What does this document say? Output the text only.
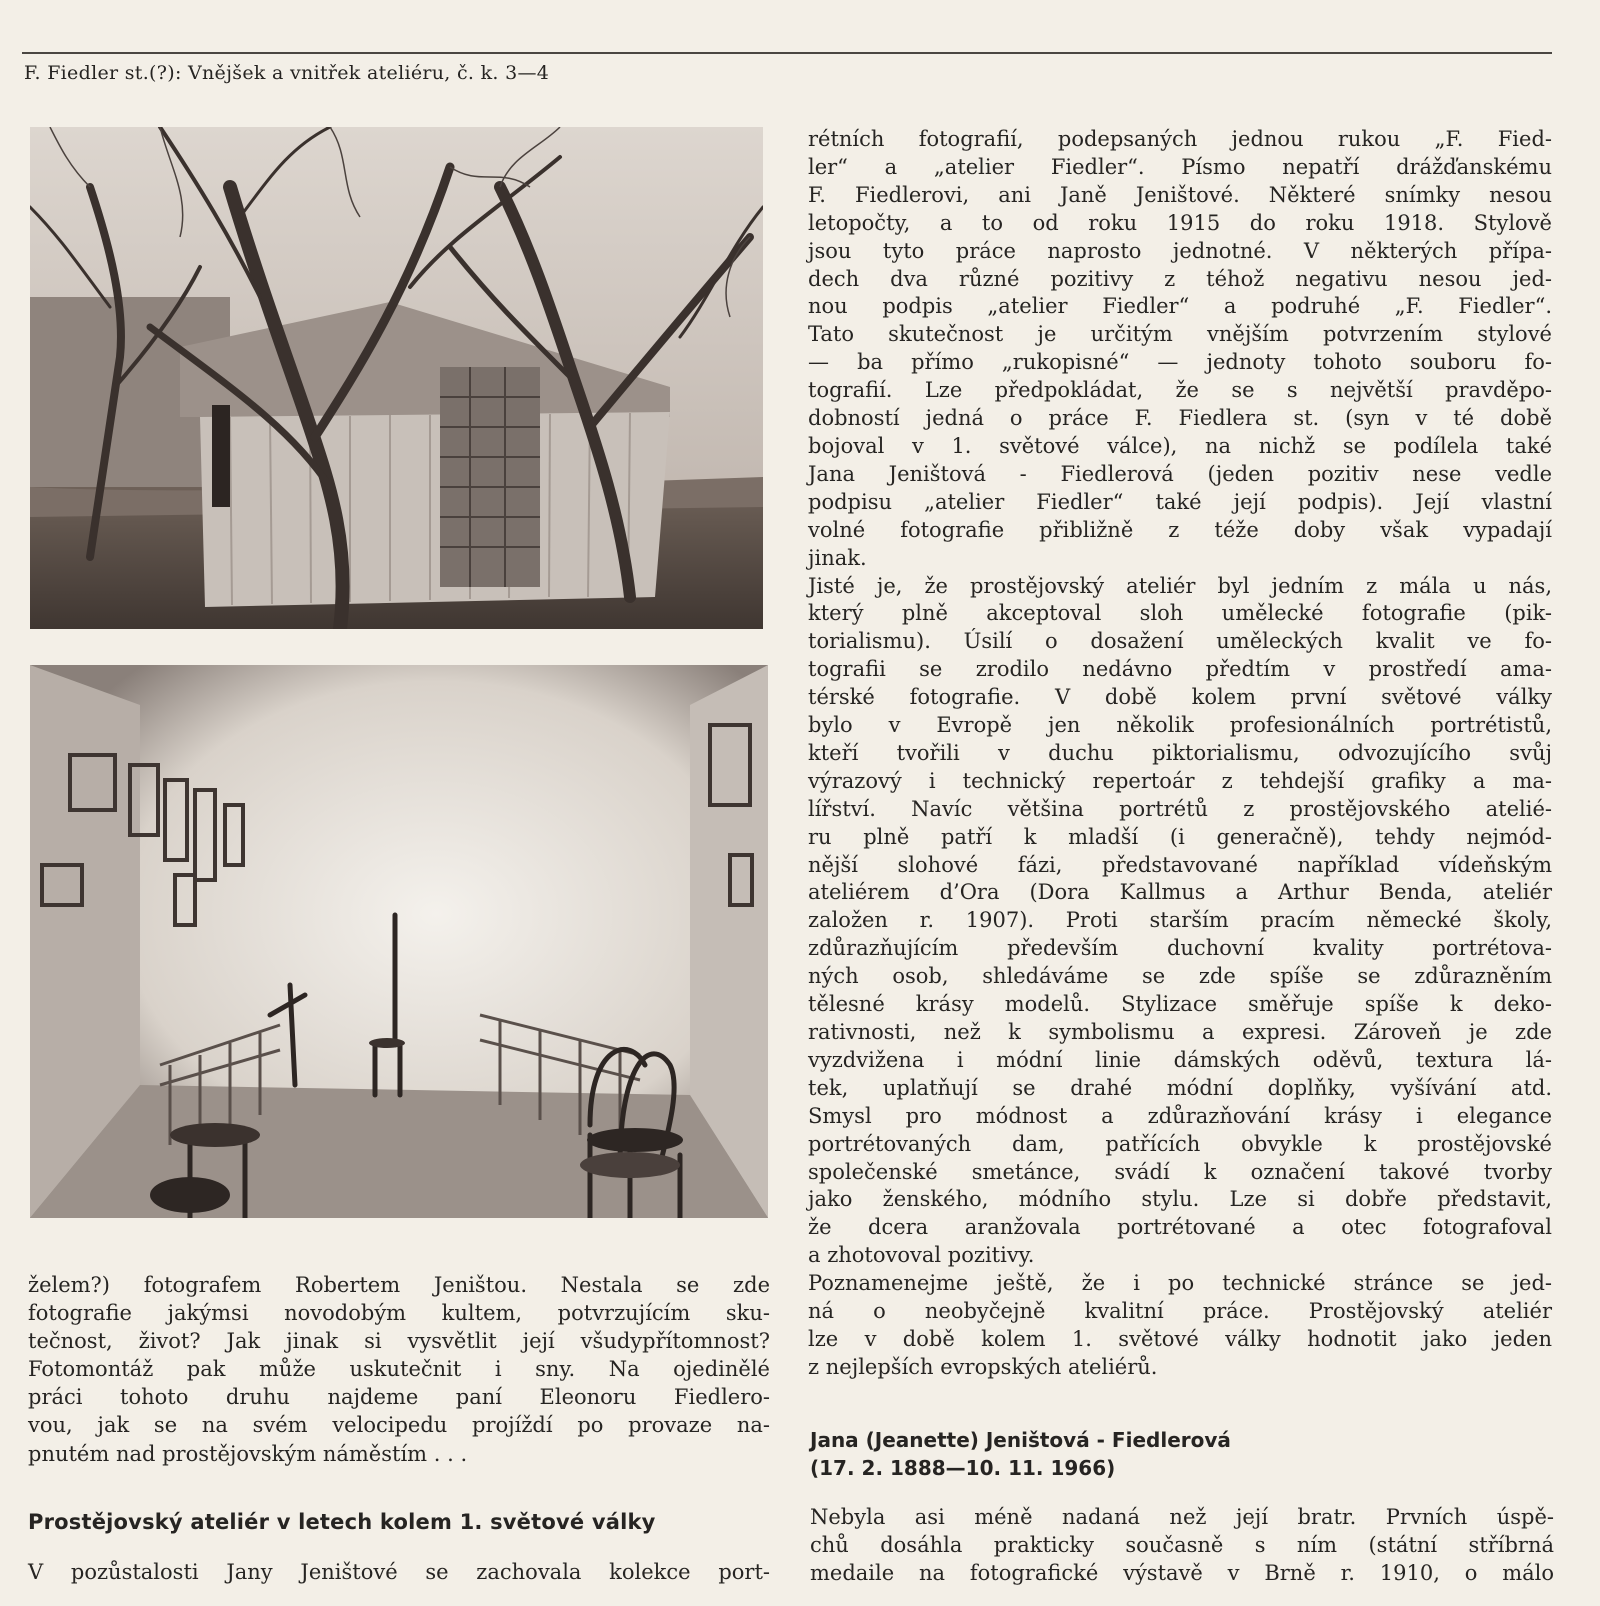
F. Fiedler st.(?): Vnějšek a vnitřek ateliéru, č. k. 3—4
želem?) fotografem Robertem Jeništou. Nestala se zde
fotografie jakýmsi novodobým kultem, potvrzujícím sku-
tečnost, život? Jak jinak si vysvětlit její všudypřítomnost?
Fotomontáž pak může uskutečnit i sny. Na ojedinělé
práci tohoto druhu najdeme paní Eleonoru Fiedlero-
vou, jak se na svém velocipedu projíždí po provaze na-
pnutém nad prostějovským náměstím . . .
Prostějovský ateliér v letech kolem 1. světové války
V pozůstalosti Jany Jeništové se zachovala kolekce port-
rétních fotografií, podepsaných jednou rukou „F. Fied-
ler“ a „atelier Fiedler“. Písmo nepatří drážďanskému
F. Fiedlerovi, ani Janě Jeništové. Některé snímky nesou
letopočty, a to od roku 1915 do roku 1918. Stylově
jsou tyto práce naprosto jednotné. V některých přípa-
dech dva různé pozitivy z téhož negativu nesou jed-
nou podpis „atelier Fiedler“ a podruhé „F. Fiedler“.
Tato skutečnost je určitým vnějším potvrzením stylové
— ba přímo „rukopisné“ — jednoty tohoto souboru fo-
tografií. Lze předpokládat, že se s největší pravděpo-
dobností jedná o práce F. Fiedlera st. (syn v té době
bojoval v 1. světové válce), na nichž se podílela také
Jana Jeništová - Fiedlerová (jeden pozitiv nese vedle
podpisu „atelier Fiedler“ také její podpis). Její vlastní
volné fotografie přibližně z téže doby však vypadají
jinak.
Jisté je, že prostějovský ateliér byl jedním z mála u nás,
který plně akceptoval sloh umělecké fotografie (pik-
torialismu). Úsilí o dosažení uměleckých kvalit ve fo-
tografii se zrodilo nedávno předtím v prostředí ama-
térské fotografie. V době kolem první světové války
bylo v Evropě jen několik profesionálních portrétistů,
kteří tvořili v duchu piktorialismu, odvozujícího svůj
výrazový i technický repertoár z tehdejší grafiky a ma-
lířství. Navíc většina portrétů z prostějovského atelié-
ru plně patří k mladší (i generačně), tehdy nejmód-
nější slohové fázi, představované například vídeňským
ateliérem d’Ora (Dora Kallmus a Arthur Benda, ateliér
založen r. 1907). Proti starším pracím německé školy,
zdůrazňujícím především duchovní kvality portrétova-
ných osob, shledáváme se zde spíše se zdůrazněním
tělesné krásy modelů. Stylizace směřuje spíše k deko-
rativnosti, než k symbolismu a expresi. Zároveň je zde
vyzdvižena i módní linie dámských oděvů, textura lá-
tek, uplatňují se drahé módní doplňky, vyšívání atd.
Smysl pro módnost a zdůrazňování krásy i elegance
portrétovaných dam, patřících obvykle k prostějovské
společenské smetánce, svádí k označení takové tvorby
jako ženského, módního stylu. Lze si dobře představit,
že dcera aranžovala portrétované a otec fotografoval
a zhotovoval pozitivy.
Poznamenejme ještě, že i po technické stránce se jed-
ná o neobyčejně kvalitní práce. Prostějovský ateliér
lze v době kolem 1. světové války hodnotit jako jeden
z nejlepších evropských ateliérů.
Jana (Jeanette) Jeništová - Fiedlerová
(17. 2. 1888—10. 11. 1966)
Nebyla asi méně nadaná než její bratr. Prvních úspě-
chů dosáhla prakticky současně s ním (státní stříbrná
medaile na fotografické výstavě v Brně r. 1910, o málo
